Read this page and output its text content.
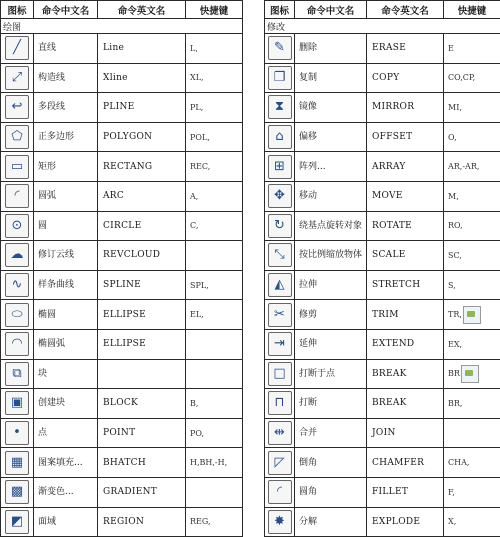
图标	命令中文名	命令英文名	快捷键
绘图			
╱	直线	Line	L,
⤢	构造线	Xline	XL,
↩	多段线	PLINE	PL,
⬠	正多边形	POLYGON	POL,
▭	矩形	RECTANG	REC,
◜	圆弧	ARC	A,
⊙	圆	CIRCLE	C,
☁	修订云线	REVCLOUD	
∿	样条曲线	SPLINE	SPL,
⬭	椭圆	ELLIPSE	EL,
◠	椭圆弧	ELLIPSE	
⧉	块		
▣	创建块	BLOCK	B,
•	点	POINT	PO,
▦	图案填充...	BHATCH	H,BH,-H,
▩	渐变色...	GRADIENT	
◩	面域	REGION	REG,
图标	命令中文名	命令英文名	快捷键
修改			
✎	删除	ERASE	E
❐	复制	COPY	CO,CP,
⧗	镜像	MIRROR	MI,
⌂	偏移	OFFSET	O,
⊞	阵列...	ARRAY	AR,-AR,
✥	移动	MOVE	M,
↻	绕基点旋转对象	ROTATE	RO,
⤡	按比例缩放物体	SCALE	SC,
◭	拉伸	STRETCH	S,
✂	修剪	TRIM	TR,
⇥	延伸	EXTEND	EX,
□	打断于点	BREAK	BR
⊓	打断	BREAK	BR,
⇹	合并	JOIN	
◸	倒角	CHAMFER	CHA,
◜	圆角	FILLET	F,
✸	分解	EXPLODE	X,
